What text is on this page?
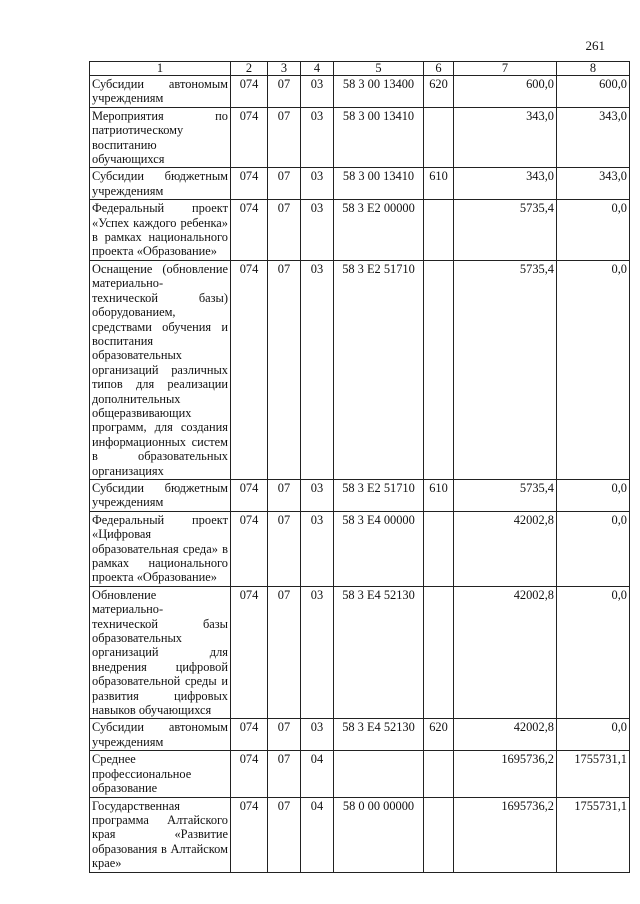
261
1	2	3	4	5	6	7	8
Субсидии автономым учреждениям	074	07	03	58 3 00 13400	620	600,0	600,0
Мероприятия по патриотическому воспитанию обучающихся	074	07	03	58 3 00 13410		343,0	343,0
Субсидии бюджетным учреждениям	074	07	03	58 3 00 13410	610	343,0	343,0
Федеральный проект «Успех каждого ребенка» в рамках национального проекта «Образование»	074	07	03	58 3 E2 00000		5735,4	0,0
Оснащение (обновление материально-технической базы) оборудованием, средствами обучения и воспитания образовательных организаций различных типов для реализации дополнительных общеразвивающих программ, для создания информационных систем в образовательных организациях	074	07	03	58 3 E2 51710		5735,4	0,0
Субсидии бюджетным учреждениям	074	07	03	58 3 E2 51710	610	5735,4	0,0
Федеральный проект «Цифровая образовательная среда» в рамках национального проекта «Образование»	074	07	03	58 3 E4 00000		42002,8	0,0
Обновление материально-технической базы образовательных организаций для внедрения цифровой образовательной среды и развития цифровых навыков обучающихся	074	07	03	58 3 E4 52130		42002,8	0,0
Субсидии автономым учреждениям	074	07	03	58 3 E4 52130	620	42002,8	0,0
Среднее профессиональное образование	074	07	04			1695736,2	1755731,1
Государственная программа Алтайского края «Развитие образования в Алтайском крае»	074	07	04	58 0 00 00000		1695736,2	1755731,1
